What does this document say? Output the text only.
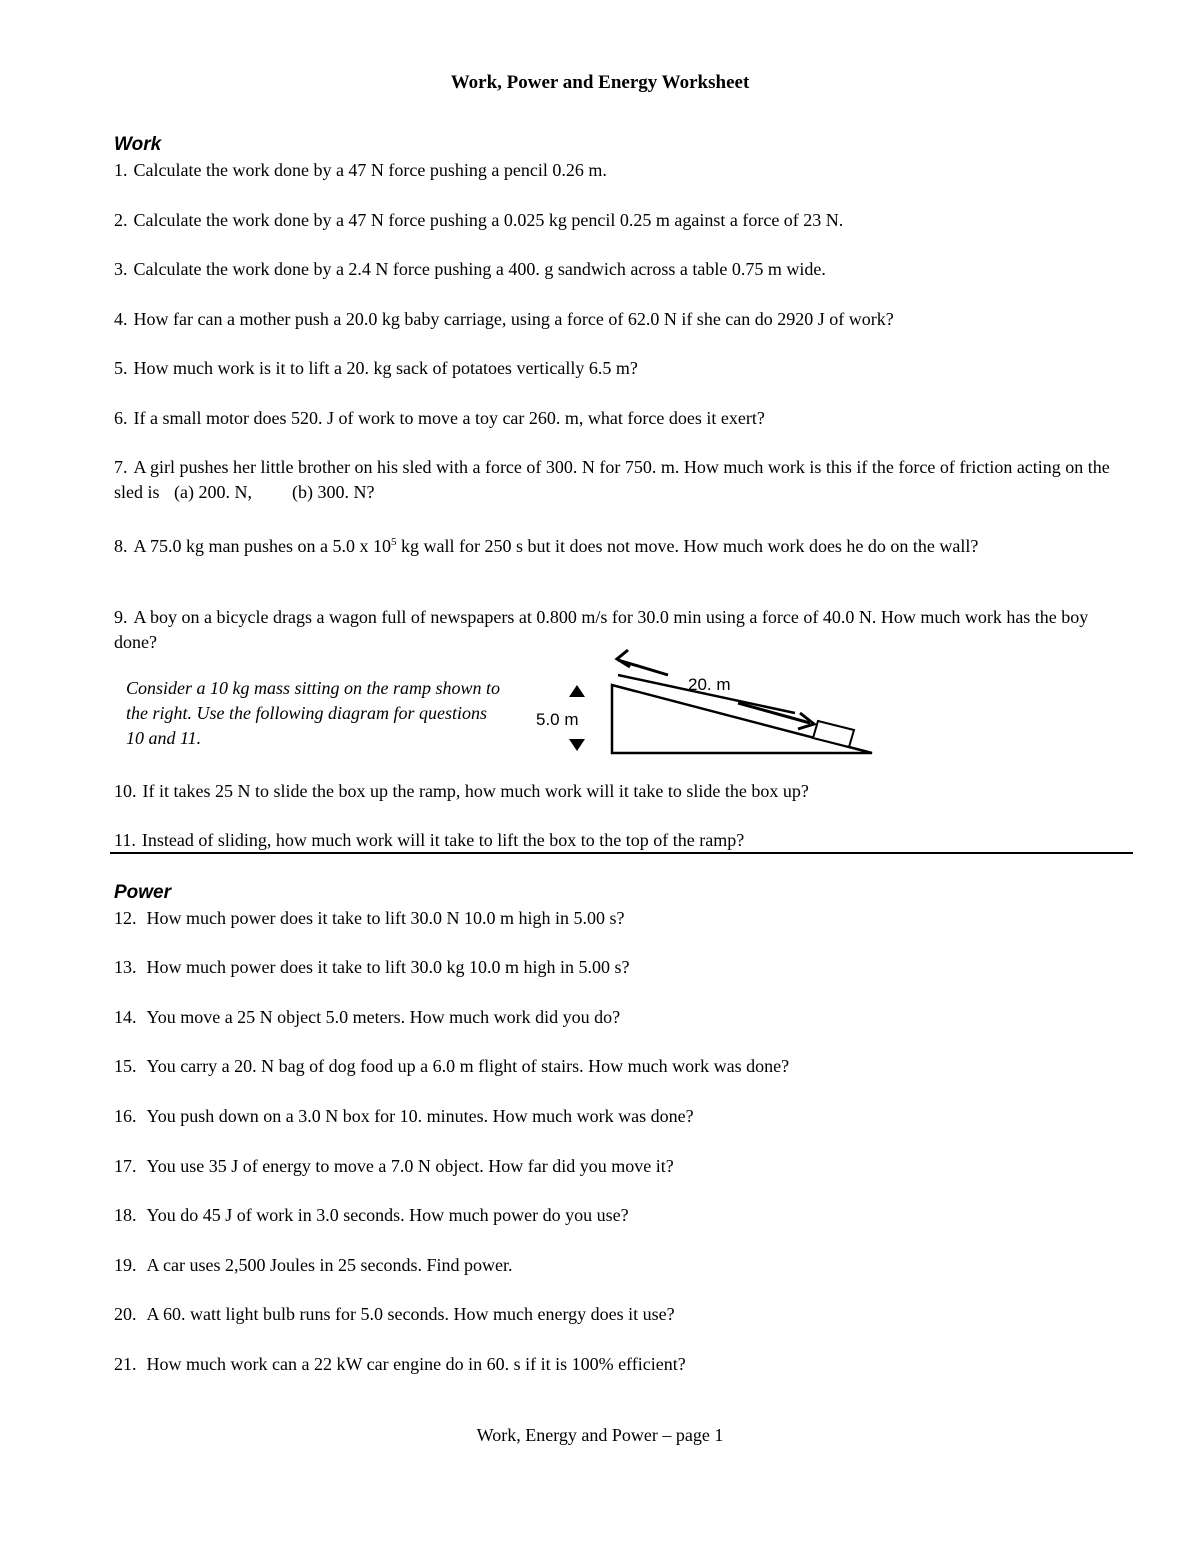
Work, Power and Energy Worksheet
Work
1. Calculate the work done by a 47 N force pushing a pencil 0.26 m.
2. Calculate the work done by a 47 N force pushing a 0.025 kg pencil 0.25 m against a force of 23 N.
3. Calculate the work done by a 2.4 N force pushing a 400. g sandwich across a table 0.75 m wide.
4. How far can a mother push a 20.0 kg baby carriage, using a force of 62.0 N if she can do 2920 J of work?
5. How much work is it to lift a 20. kg sack of potatoes vertically 6.5 m?
6. If a small motor does 520. J of work to move a toy car 260. m, what force does it exert?
7. A girl pushes her little brother on his sled with a force of 300. N for 750. m. How much work is this if the force of friction acting on the sled is (a) 200. N, (b) 300. N?
8. A 75.0 kg man pushes on a 5.0 x $10^5$ kg wall for 250 s but it does not move. How much work does he do on the wall?
9. A boy on a bicycle drags a wagon full of newspapers at 0.800 m/s for 30.0 min using a force of 40.0 N. How much work has the boy done?
Consider a 10 kg mass sitting on the ramp shown to the right. Use the following diagram for questions 10 and 11.
20. m
5.0 m
10. If it takes 25 N to slide the box up the ramp, how much work will it take to slide the box up?
11. Instead of sliding, how much work will it take to lift the box to the top of the ramp?
Power
12. How much power does it take to lift 30.0 N 10.0 m high in 5.00 s?
13. How much power does it take to lift 30.0 kg 10.0 m high in 5.00 s?
14. You move a 25 N object 5.0 meters. How much work did you do?
15. You carry a 20. N bag of dog food up a 6.0 m flight of stairs. How much work was done?
16. You push down on a 3.0 N box for 10. minutes. How much work was done?
17. You use 35 J of energy to move a 7.0 N object. How far did you move it?
18. You do 45 J of work in 3.0 seconds. How much power do you use?
19. A car uses 2,500 Joules in 25 seconds. Find power.
20. A 60. watt light bulb runs for 5.0 seconds. How much energy does it use?
21. How much work can a 22 kW car engine do in 60. s if it is 100% efficient?
Work, Energy and Power – page 1
